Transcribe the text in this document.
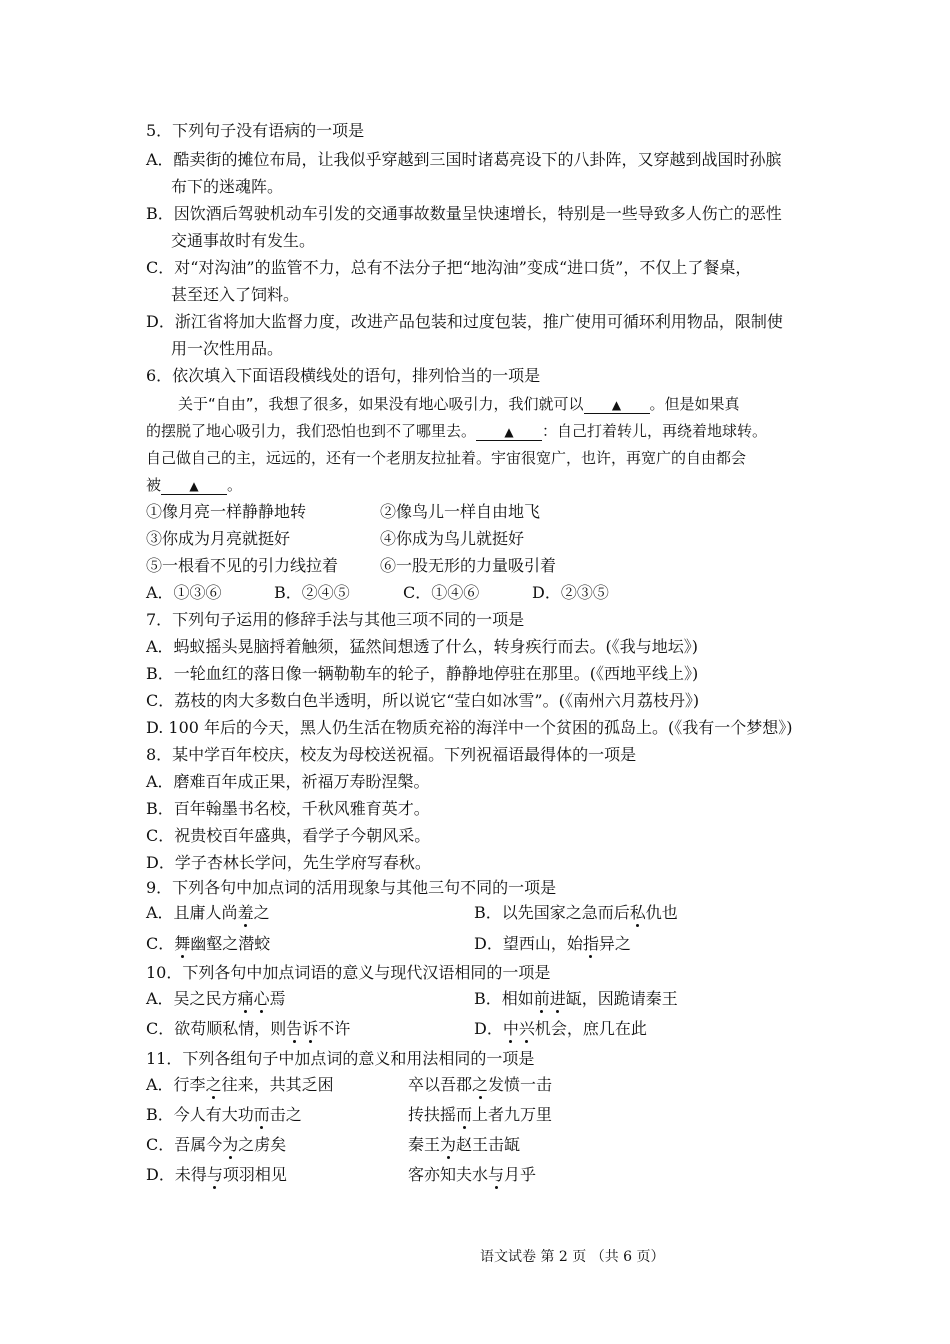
5．下列句子没有语病的一项是
A．酷卖街的摊位布局，让我似乎穿越到三国时诸葛亮设下的八卦阵，又穿越到战国时孙膑
布下的迷魂阵。
B．因饮酒后驾驶机动车引发的交通事故数量呈快速增长，特别是一些导致多人伤亡的恶性
交通事故时有发生。
C．对“对沟油”的监管不力，总有不法分子把“地沟油”变成“进口货”，不仅上了餐桌，
甚至还入了饲料。
D．浙江省将加大监督力度，改进产品包装和过度包装，推广使用可循环利用物品，限制使
用一次性用品。
6．依次填入下面语段横线处的语句，排列恰当的一项是
关于“自由”，我想了很多，如果没有地心吸引力，我们就可以 ▲ 。但是如果真
的摆脱了地心吸引力，我们恐怕也到不了哪里去。 ▲ ：自己打着转儿，再绕着地球转。
自己做自己的主，远远的，还有一个老朋友拉扯着。宇宙很宽广，也许，再宽广的自由都会
被 ▲ 。
①像月亮一样静静地转	②像鸟儿一样自由地飞
③你成为月亮就挺好	④你成为鸟儿就挺好
⑤一根看不见的引力线拉着	⑥一股无形的力量吸引着
A．①③⑥	B．②④⑤	C．①④⑥	D．②③⑤
7．下列句子运用的修辞手法与其他三项不同的一项是
A．蚂蚁摇头晃脑捋着触须，猛然间想透了什么，转身疾行而去。(《我与地坛》)
B．一轮血红的落日像一辆勒勒车的轮子，静静地停驻在那里。(《西地平线上》)
C．荔枝的肉大多数白色半透明，所以说它“莹白如冰雪”。(《南州六月荔枝丹》)
D. 100 年后的今天，黑人仍生活在物质充裕的海洋中一个贫困的孤岛上。(《我有一个梦想》)
8．某中学百年校庆，校友为母校送祝福。下列祝福语最得体的一项是
A．磨难百年成正果，祈福万寿盼涅槃。
B．百年翰墨书名校，千秋风雅育英才。
C．祝贵校百年盛典，看学子今朝风采。
D．学子杏林长学问，先生学府写春秋。
9．下列各句中加点词的活用现象与其他三句不同的一项是
A．且庸人尚羞之	B．以先国家之急而后私仇也
C．舞幽壑之潜蛟	D．望西山，始指异之
10．下列各句中加点词语的意义与现代汉语相同的一项是
A．吴之民方痛心焉	B．相如前进缻，因跪请秦王
C．欲苟顺私情，则告诉不许	D．中兴机会，庶几在此
11．下列各组句子中加点词的意义和用法相同的一项是
A．行李之往来，共其乏困	卒以吾郡之发愤一击
B．今人有大功而击之	抟扶摇而上者九万里
C．吾属今为之虏矣	秦王为赵王击缻
D．未得与项羽相见	客亦知夫水与月乎
语文试卷 第 2 页 （共 6 页）
